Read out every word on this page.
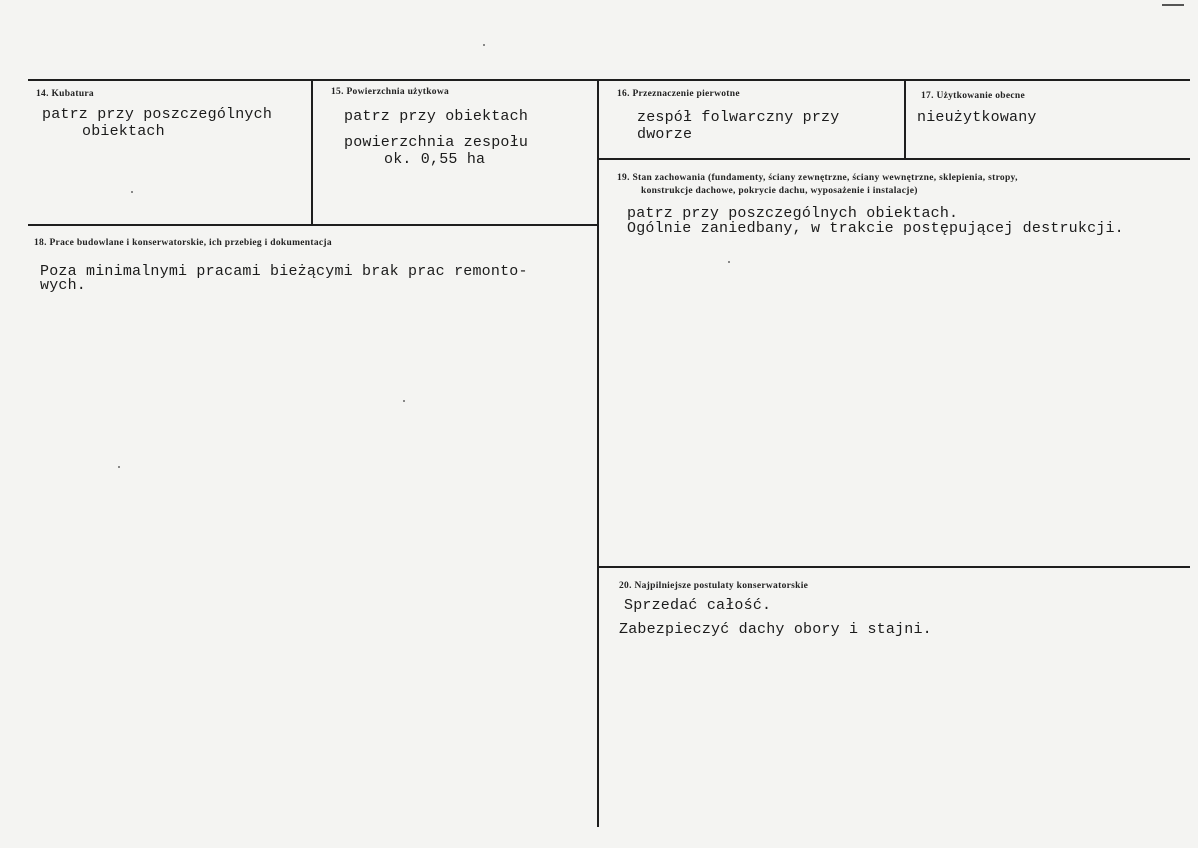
14. Kubatura
patrz przy poszczególnych
obiektach
15. Powierzchnia użytkowa
patrz przy obiektach
powierzchnia zespołu
ok. 0,55 ha
16. Przeznaczenie pierwotne
zespół folwarczny przy
dworze
17. Użytkowanie obecne
nieużytkowany
18. Prace budowlane i konserwatorskie, ich przebieg i dokumentacja
Poza minimalnymi pracami bieżącymi brak prac remonto-
wych.
19. Stan zachowania (fundamenty, ściany zewnętrzne, ściany wewnętrzne, sklepienia, stropy,
konstrukcje dachowe, pokrycie dachu, wyposażenie i instalacje)
patrz przy poszczególnych obiektach.
Ogólnie zaniedbany, w trakcie postępującej destrukcji.
20. Najpilniejsze postulaty konserwatorskie
Sprzedać całość.
Zabezpieczyć dachy obory i stajni.
